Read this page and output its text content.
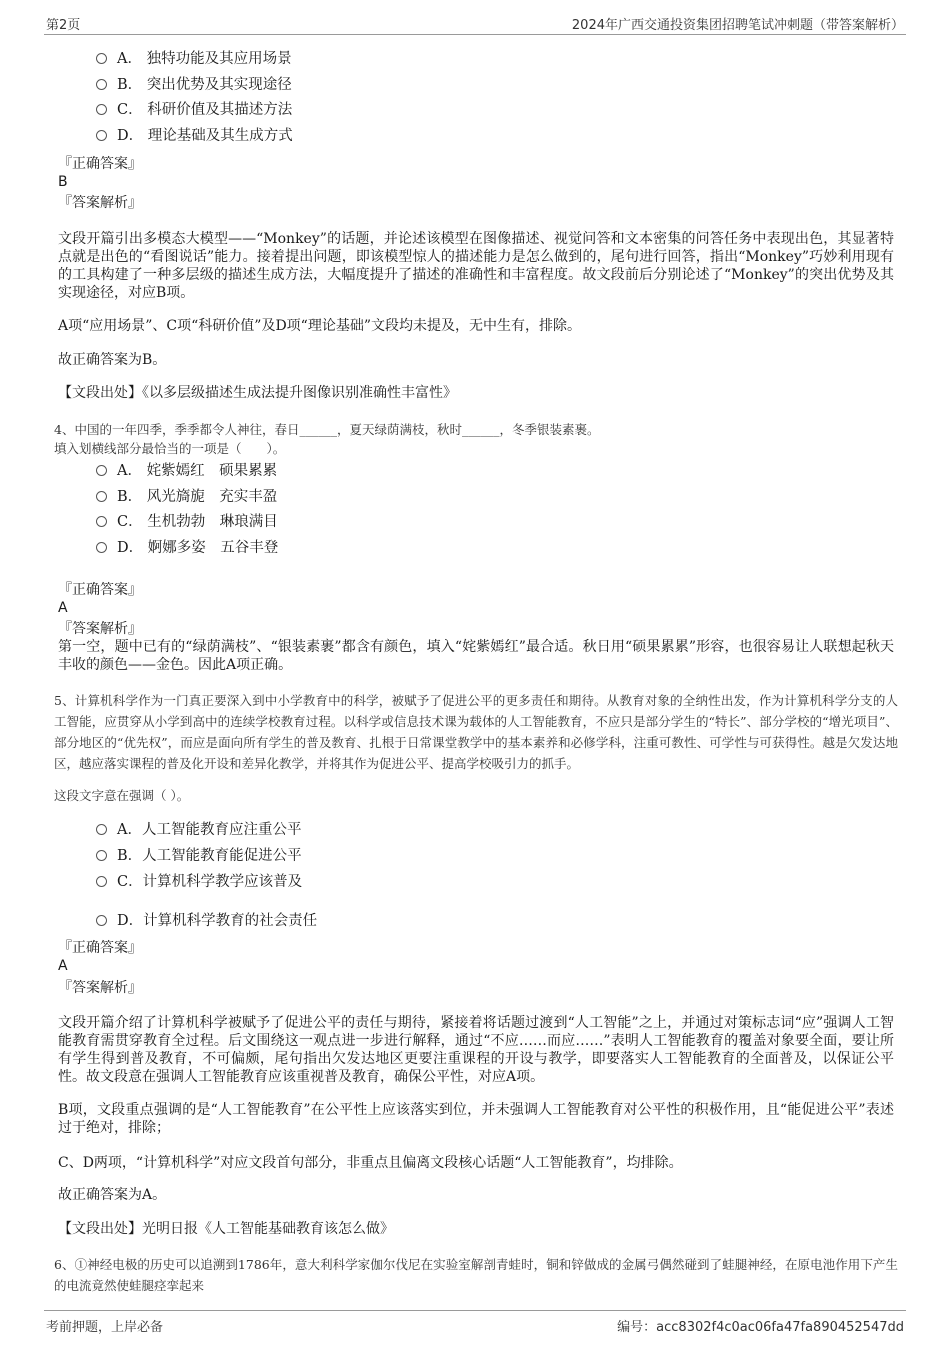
第2页	2024年广西交通投资集团招聘笔试冲刺题（带答案解析）
A． 独特功能及其应用场景
B． 突出优势及其实现途径
C． 科研价值及其描述方法
D． 理论基础及其生成方式
『正确答案』
B
『答案解析』
文段开篇引出多模态大模型——“Monkey”的话题，并论述该模型在图像描述、视觉问答和文本密集的问答任务中表现出色，其显著特点就是出色的“看图说话”能力。接着提出问题，即该模型惊人的描述能力是怎么做到的，尾句进行回答，指出“Monkey”巧妙利用现有的工具构建了一种多层级的描述生成方法，大幅度提升了描述的准确性和丰富程度。故文段前后分别论述了“Monkey”的突出优势及其实现途径，对应B项。
A项“应用场景”、C项“科研价值”及D项“理论基础”文段均未提及，无中生有，排除。
故正确答案为B。
【文段出处】《以多层级描述生成法提升图像识别准确性丰富性》
4、中国的一年四季，季季都令人神往，春日______，夏天绿荫满枝，秋时______，冬季银装素裹。
填入划横线部分最恰当的一项是（　　）。
A． 姹紫嫣红　硕果累累
B． 风光旖旎　充实丰盈
C． 生机勃勃　琳琅满目
D． 婀娜多姿　五谷丰登
『正确答案』
A
『答案解析』
第一空，题中已有的“绿荫满枝”、“银装素裹”都含有颜色，填入“姹紫嫣红”最合适。秋日用“硕果累累”形容，也很容易让人联想起秋天丰收的颜色——金色。因此A项正确。
5、计算机科学作为一门真正要深入到中小学教育中的科学，被赋予了促进公平的更多责任和期待。从教育对象的全纳性出发，作为计算机科学分支的人工智能，应贯穿从小学到高中的连续学校教育过程。以科学或信息技术课为载体的人工智能教育，不应只是部分学生的“特长”、部分学校的“增光项目”、部分地区的“优先权”，而应是面向所有学生的普及教育、扎根于日常课堂教学中的基本素养和必修学科，注重可教性、可学性与可获得性。越是欠发达地区，越应落实课程的普及化开设和差异化教学，并将其作为促进公平、提高学校吸引力的抓手。
这段文字意在强调（ ）。
A．人工智能教育应注重公平
B．人工智能教育能促进公平
C．计算机科学教学应该普及
D．计算机科学教育的社会责任
『正确答案』
A
『答案解析』
文段开篇介绍了计算机科学被赋予了促进公平的责任与期待，紧接着将话题过渡到“人工智能”之上，并通过对策标志词“应”强调人工智能教育需贯穿教育全过程。后文围绕这一观点进一步进行解释，通过“不应……而应……”表明人工智能教育的覆盖对象要全面，要让所有学生得到普及教育，不可偏颇，尾句指出欠发达地区更要注重课程的开设与教学，即要落实人工智能教育的全面普及，以保证公平性。故文段意在强调人工智能教育应该重视普及教育，确保公平性，对应A项。
B项，文段重点强调的是“人工智能教育”在公平性上应该落实到位，并未强调人工智能教育对公平性的积极作用，且“能促进公平”表述过于绝对，排除；
C、D两项，“计算机科学”对应文段首句部分，非重点且偏离文段核心话题“人工智能教育”，均排除。
故正确答案为A。
【文段出处】光明日报《人工智能基础教育该怎么做》
6、①神经电极的历史可以追溯到1786年，意大利科学家伽尔伐尼在实验室解剖青蛙时，铜和锌做成的金属弓偶然碰到了蛙腿神经，在原电池作用下产生的电流竟然使蛙腿痉挛起来
考前押题，上岸必备	编号：acc8302f4c0ac06fa47fa890452547dd
